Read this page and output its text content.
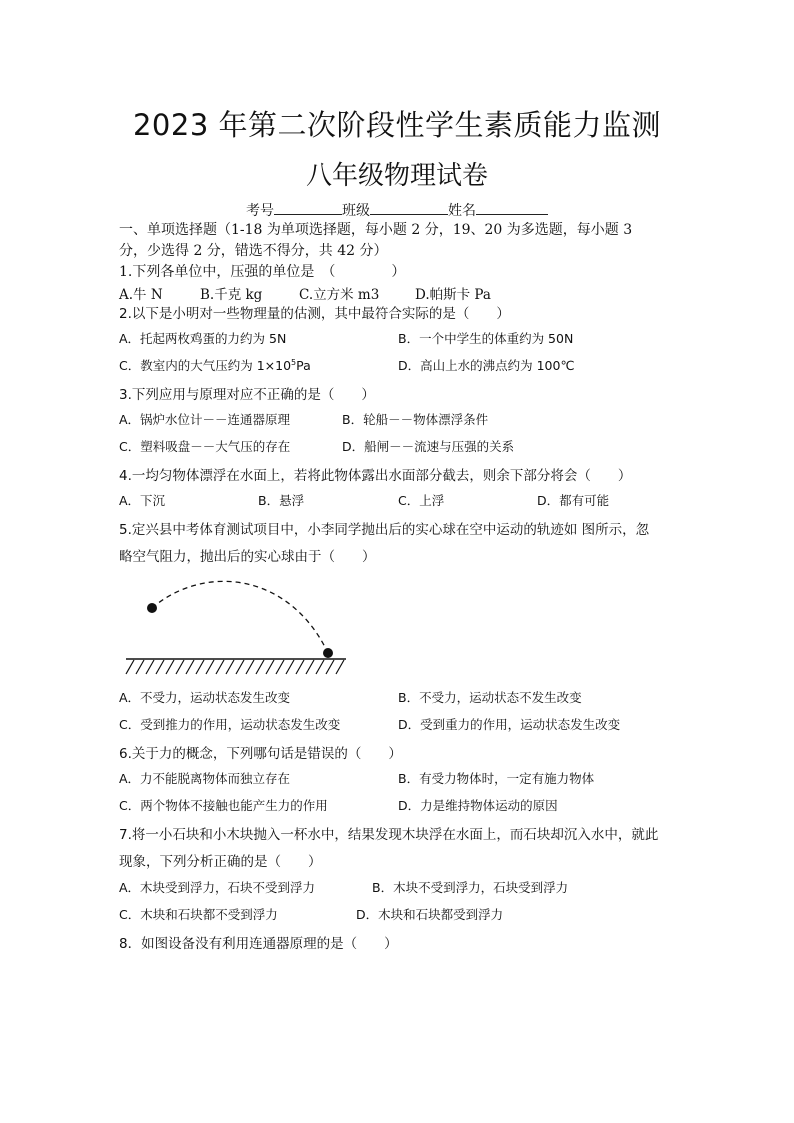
2023 年第二次阶段性学生素质能力监测
八年级物理试卷
考号	班级	姓名
一、单项选择题（1-18 为单项选择题，每小题 2 分，19、20 为多选题，每小题 3
分，少选得 2 分，错选不得分，共 42 分）
1.下列各单位中，压强的单位是　（　　　　）
A.牛 N	B.千克 kg	C.立方米 m3	D.帕斯卡 Pa
2.以下是小明对一些物理量的估测，其中最符合实际的是（　　）
A．托起两枚鸡蛋的力约为 5N	B．一个中学生的体重约为 50N
C．教室内的大气压约为 $1\times 10^5Pa$	D．高山上水的沸点约为 100℃
3.下列应用与原理对应不正确的是（　　）
A．锅炉水位计－－连通器原理	B．轮船－－物体漂浮条件
C．塑料吸盘－－大气压的存在	D．船闸－－流速与压强的关系
4.一均匀物体漂浮在水面上，若将此物体露出水面部分截去，则余下部分将会（　　）
A．下沉	B．悬浮	C．上浮	D．都有可能
5.定兴县中考体育测试项目中，小李同学抛出后的实心球在空中运动的轨迹如 图所示，忽
略空气阻力，抛出后的实心球由于（　　）
A．不受力，运动状态发生改变	B．不受力，运动状态不发生改变
C．受到推力的作用，运动状态发生改变	D．受到重力的作用，运动状态发生改变
6.关于力的概念，下列哪句话是错误的（　　）
A．力不能脱离物体而独立存在	B．有受力物体时，一定有施力物体
C．两个物体不接触也能产生力的作用	D．力是维持物体运动的原因
7.将一小石块和小木块抛入一杯水中，结果发现木块浮在水面上，而石块却沉入水中，就此
现象，下列分析正确的是（　　）
A．木块受到浮力，石块不受到浮力	B．木块不受到浮力，石块受到浮力
C．木块和石块都不受到浮力	D．木块和石块都受到浮力
8．如图设备没有利用连通器原理的是（　　）
